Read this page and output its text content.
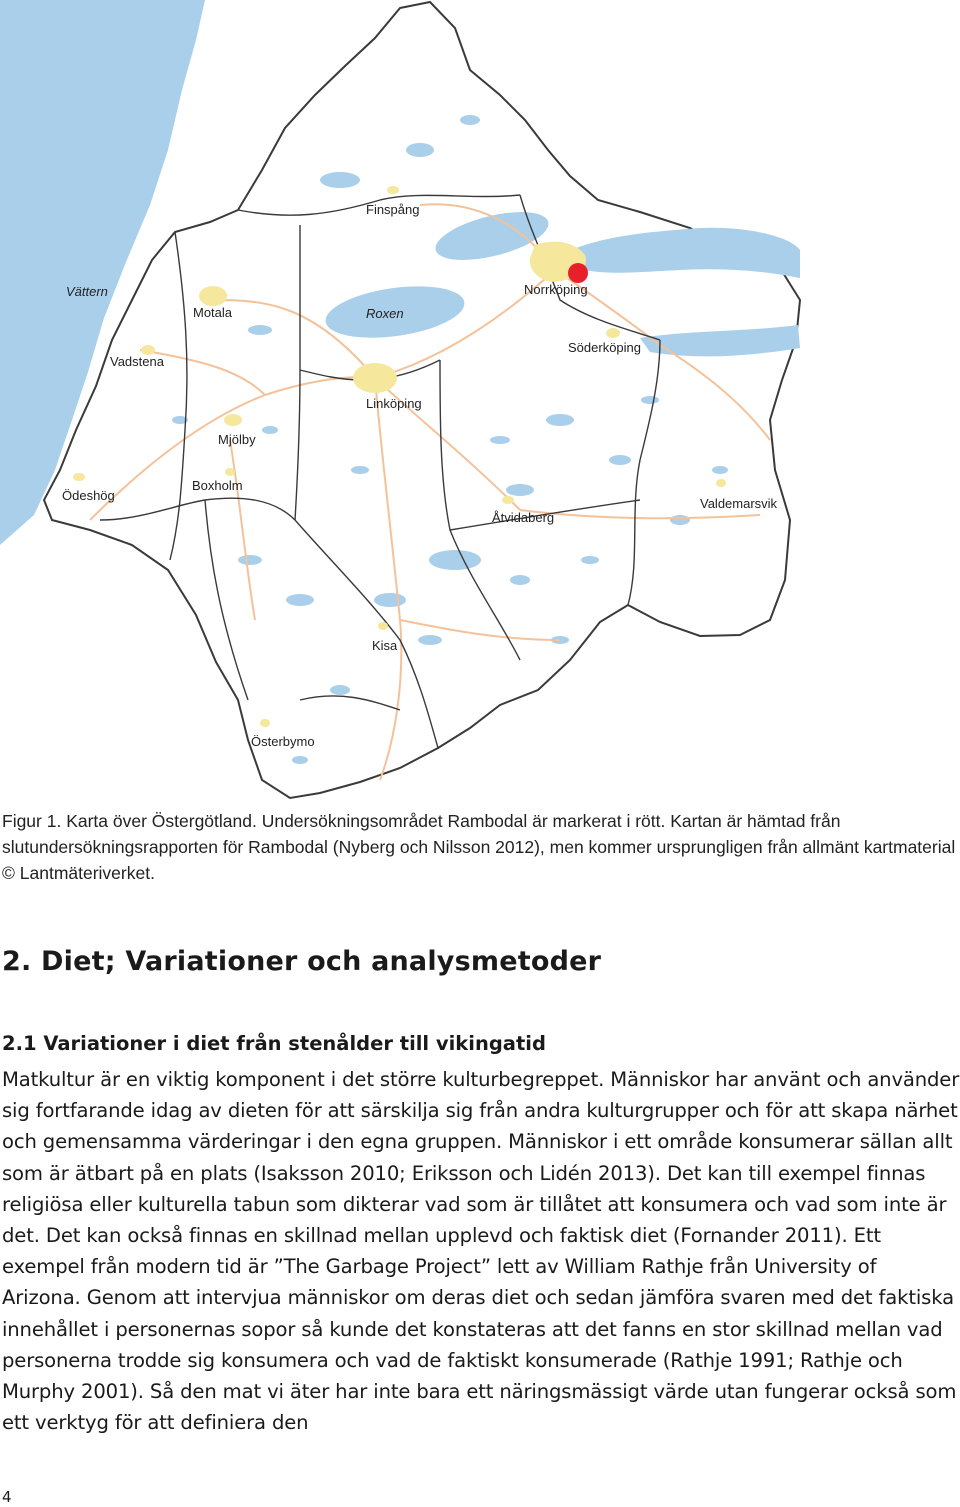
Finspång
Norrköping
Vättern
Motala	Roxen
Söderköping
Vadstena
Linköping
Mjölby
Boxholm
Ödeshög
Åtvidaberg
Valdemarsvik
Kisa
Österbymo
Figur 1. Karta över Östergötland. Undersökningsområdet Rambodal är markerat i rött. Kartan är hämtad från slutundersökningsrapporten för Rambodal (Nyberg och Nilsson 2012), men kommer ursprungligen från allmänt kartmaterial © Lantmäteriverket.
2. Diet; Variationer och analysmetoder
2.1 Variationer i diet från stenålder till vikingatid
Matkultur är en viktig komponent i det större kulturbegreppet. Människor har använt och använder sig fortfarande idag av dieten för att särskilja sig från andra kulturgrupper och för att skapa närhet och gemensamma värderingar i den egna gruppen. Människor i ett område konsumerar sällan allt som är ätbart på en plats (Isaksson 2010; Eriksson och Lidén 2013). Det kan till exempel finnas religiösa eller kulturella tabun som dikterar vad som är tillåtet att konsumera och vad som inte är det. Det kan också finnas en skillnad mellan upplevd och faktisk diet (Fornander 2011). Ett exempel från modern tid är ”The Garbage Project” lett av William Rathje från University of Arizona. Genom att intervjua människor om deras diet och sedan jämföra svaren med det faktiska innehållet i personernas sopor så kunde det konstateras att det fanns en stor skillnad mellan vad personerna trodde sig konsumera och vad de faktiskt konsumerade (Rathje 1991; Rathje och Murphy 2001). Så den mat vi äter har inte bara ett näringsmässigt värde utan fungerar också som ett verktyg för att definiera den
4
